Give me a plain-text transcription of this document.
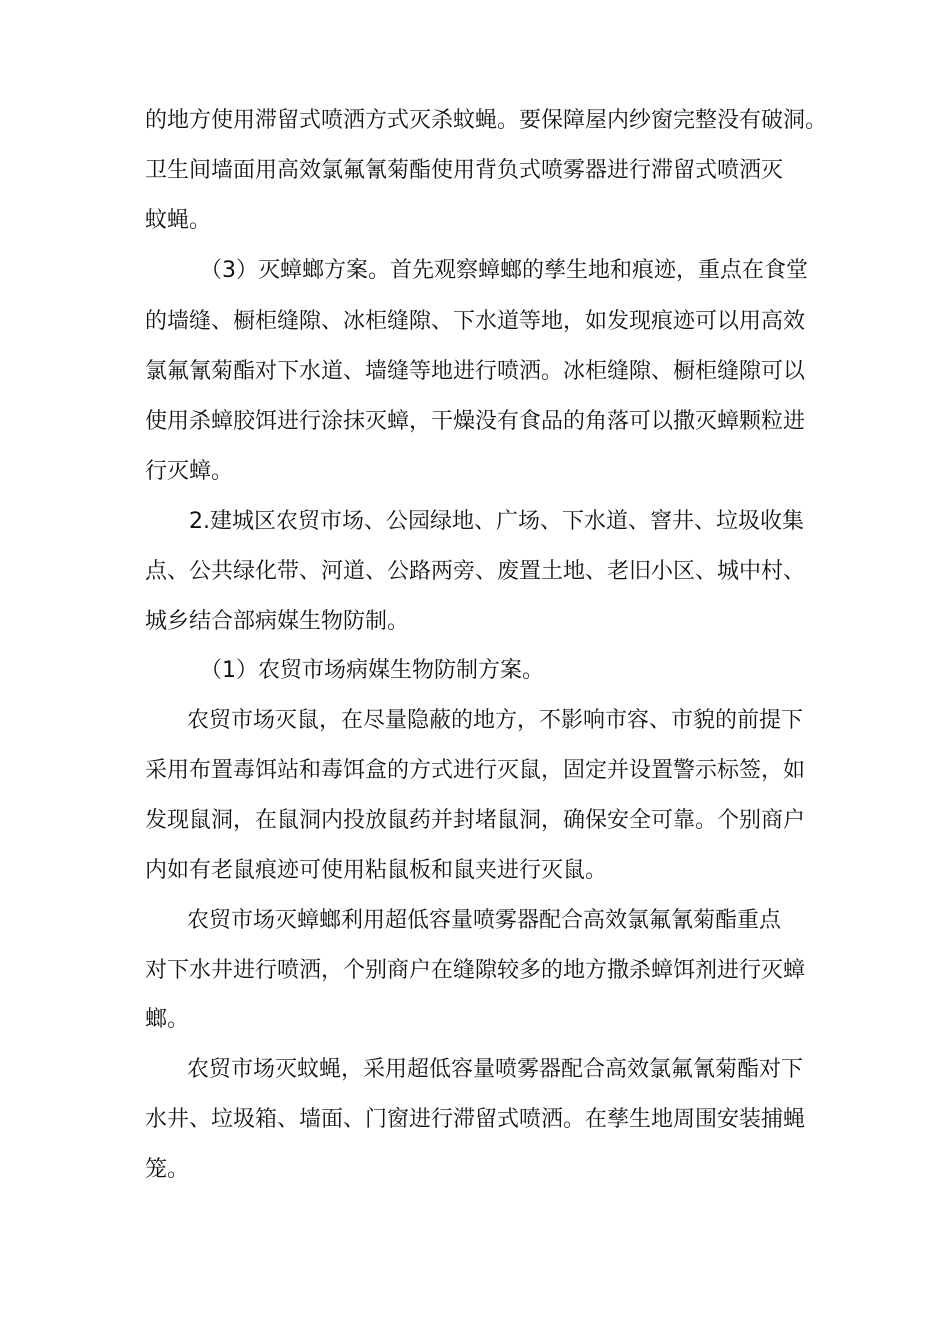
的地方使用滞留式喷洒方式灭杀蚊蝇。要保障屋内纱窗完整没有破洞。
卫生间墙面用高效氯氟氰菊酯使用背负式喷雾器进行滞留式喷洒灭
蚊蝇。
（3）灭蟑螂方案。首先观察蟑螂的孳生地和痕迹，重点在食堂
的墙缝、橱柜缝隙、冰柜缝隙、下水道等地，如发现痕迹可以用高效
氯氟氰菊酯对下水道、墙缝等地进行喷洒。冰柜缝隙、橱柜缝隙可以
使用杀蟑胶饵进行涂抹灭蟑，干燥没有食品的角落可以撒灭蟑颗粒进
行灭蟑。
2.建城区农贸市场、公园绿地、广场、下水道、窨井、垃圾收集
点、公共绿化带、河道、公路两旁、废置土地、老旧小区、城中村、
城乡结合部病媒生物防制。
（1）农贸市场病媒生物防制方案。
农贸市场灭鼠，在尽量隐蔽的地方，不影响市容、市貌的前提下
采用布置毒饵站和毒饵盒的方式进行灭鼠，固定并设置警示标签，如
发现鼠洞，在鼠洞内投放鼠药并封堵鼠洞，确保安全可靠。个别商户
内如有老鼠痕迹可使用粘鼠板和鼠夹进行灭鼠。
农贸市场灭蟑螂利用超低容量喷雾器配合高效氯氟氰菊酯重点
对下水井进行喷洒，个别商户在缝隙较多的地方撒杀蟑饵剂进行灭蟑
螂。
农贸市场灭蚊蝇，采用超低容量喷雾器配合高效氯氟氰菊酯对下
水井、垃圾箱、墙面、门窗进行滞留式喷洒。在孳生地周围安装捕蝇
笼。
